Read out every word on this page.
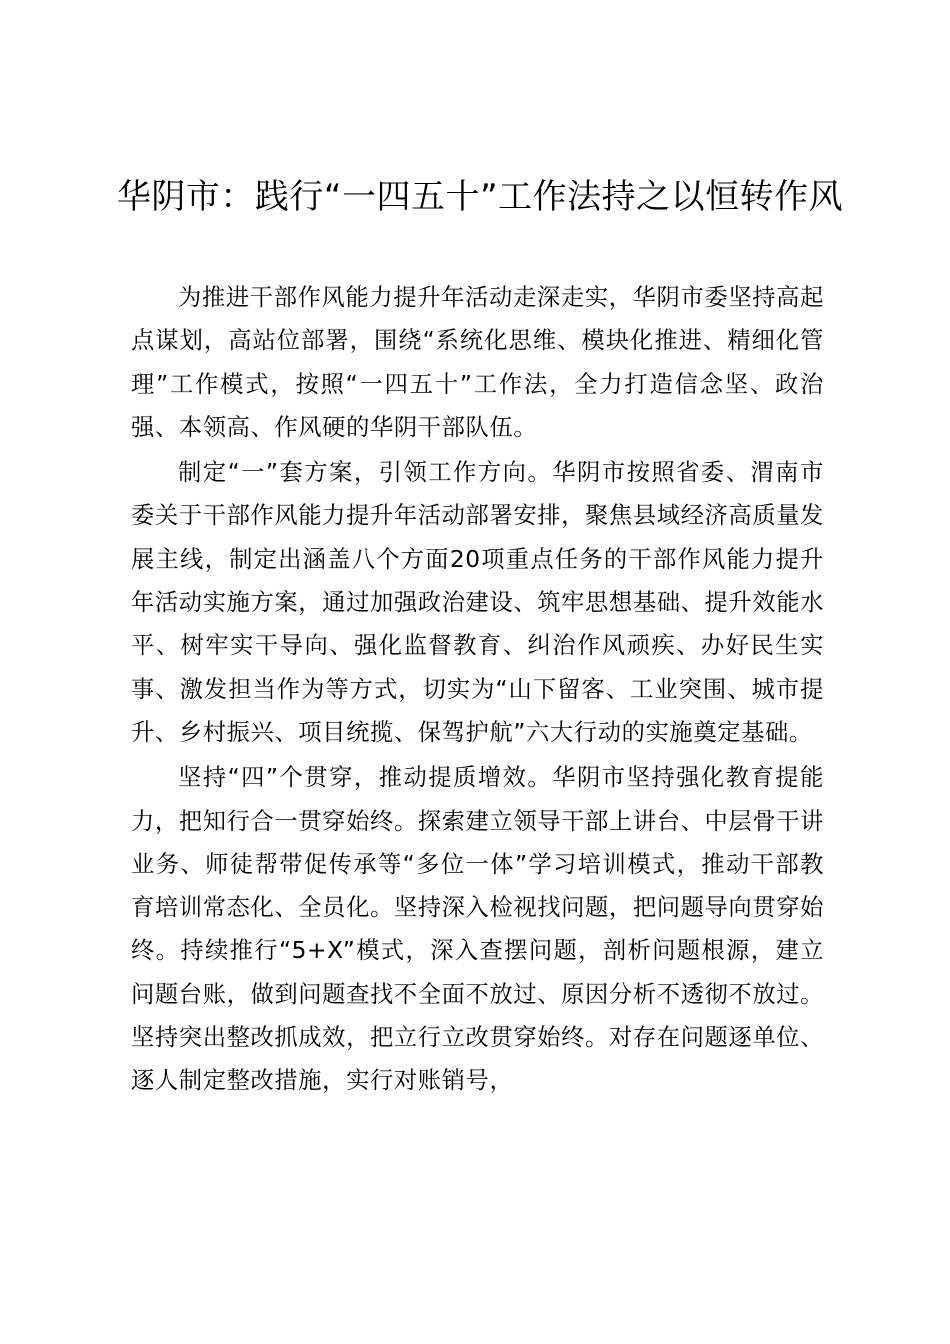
华阴市：践行“一四五十”工作法持之以恒转作风

为推进干部作风能力提升年活动走深走实，华阴市委坚持高起点谋划，高站位部署，围绕“系统化思维、模块化推进、精细化管理”工作模式，按照“一四五十”工作法，全力打造信念坚、政治强、本领高、作风硬的华阴干部队伍。

制定“一”套方案，引领工作方向。华阴市按照省委、渭南市委关于干部作风能力提升年活动部署安排，聚焦县域经济高质量发展主线，制定出涵盖八个方面20项重点任务的干部作风能力提升年活动实施方案，通过加强政治建设、筑牢思想基础、提升效能水平、树牢实干导向、强化监督教育、纠治作风顽疾、办好民生实事、激发担当作为等方式，切实为“山下留客、工业突围、城市提升、乡村振兴、项目统揽、保驾护航”六大行动的实施奠定基础。

坚持“四”个贯穿，推动提质增效。华阴市坚持强化教育提能力，把知行合一贯穿始终。探索建立领导干部上讲台、中层骨干讲业务、师徒帮带促传承等“多位一体”学习培训模式，推动干部教育培训常态化、全员化。坚持深入检视找问题，把问题导向贯穿始终。持续推行“5+X”模式，深入查摆问题，剖析问题根源，建立问题台账，做到问题查找不全面不放过、原因分析不透彻不放过。坚持突出整改抓成效，把立行立改贯穿始终。对存在问题逐单位、逐人制定整改措施，实行对账销号，
